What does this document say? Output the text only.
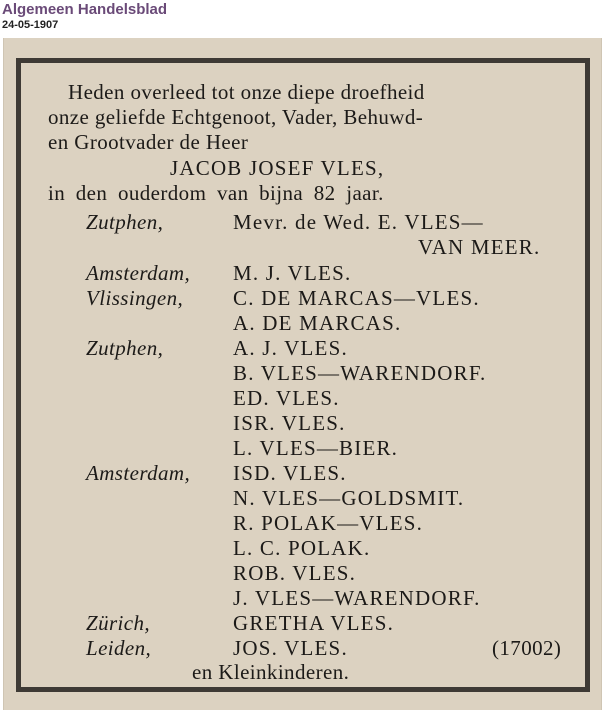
Algemeen Handelsblad
24-05-1907
Heden overleed tot onze diepe droefheid
onze geliefde Echtgenoot, Vader, Behuwd-
en Grootvader de Heer
JACOB JOSEF VLES,
in den ouderdom van bijna 82 jaar.
Zutphen,	Mevr. de Wed. E. VLES—
VAN MEER.
Amsterdam, M. J. VLES.
Vlissingen, C. DE MARCAS—VLES.
A. DE MARCAS.
Zutphen,	A. J. VLES.
B. VLES—WARENDORF.
ED. VLES.
ISR. VLES.
L. VLES—BIER.
Amsterdam, ISD. VLES.
N. VLES—GOLDSMIT.
R. POLAK—VLES.
L. C. POLAK.
ROB. VLES.
J. VLES—WARENDORF.
Zürich,	GRETHA VLES.
Leiden,	JOS. VLES.	(17002)
en Kleinkinderen.
